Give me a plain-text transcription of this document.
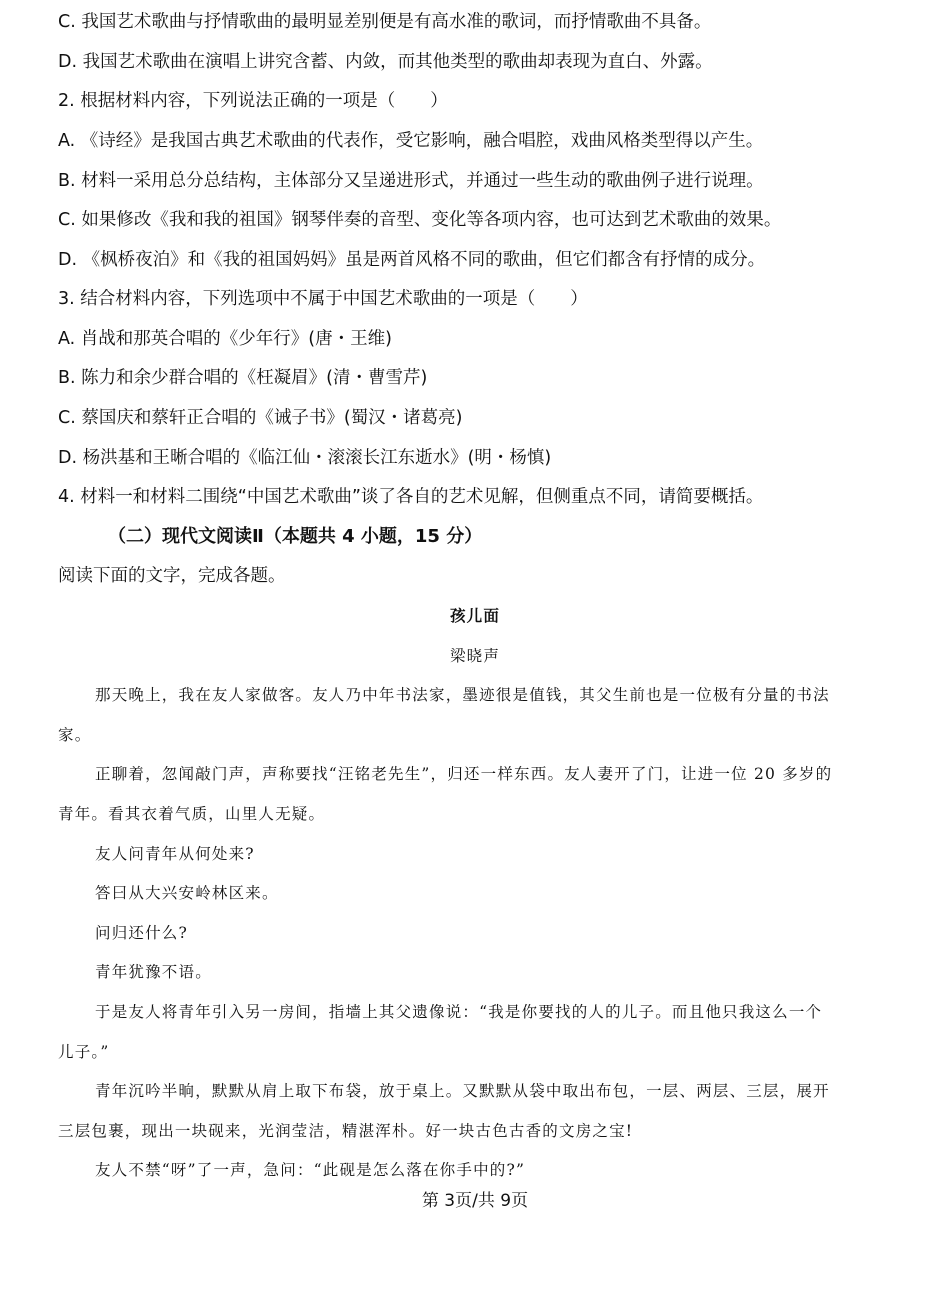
C. 我国艺术歌曲与抒情歌曲的最明显差别便是有高水准的歌词，而抒情歌曲不具备。
D. 我国艺术歌曲在演唱上讲究含蓄、内敛，而其他类型的歌曲却表现为直白、外露。
2. 根据材料内容，下列说法正确的一项是（　　）
A. 《诗经》是我国古典艺术歌曲的代表作，受它影响，融合唱腔，戏曲风格类型得以产生。
B. 材料一采用总分总结构，主体部分又呈递进形式，并通过一些生动的歌曲例子进行说理。
C. 如果修改《我和我的祖国》钢琴伴奏的音型、变化等各项内容，也可达到艺术歌曲的效果。
D. 《枫桥夜泊》和《我的祖国妈妈》虽是两首风格不同的歌曲，但它们都含有抒情的成分。
3. 结合材料内容，下列选项中不属于中国艺术歌曲的一项是（　　）
A. 肖战和那英合唱的《少年行》(唐・王维)
B. 陈力和余少群合唱的《枉凝眉》(清・曹雪芹)
C. 蔡国庆和蔡轩正合唱的《诫子书》(蜀汉・诸葛亮)
D. 杨洪基和王晰合唱的《临江仙・滚滚长江东逝水》(明・杨慎)
4. 材料一和材料二围绕“中国艺术歌曲”谈了各自的艺术见解，但侧重点不同，请简要概括。
（二）现代文阅读Ⅱ（本题共 4 小题，15 分）
阅读下面的文字，完成各题。
孩儿面
梁晓声
那天晚上，我在友人家做客。友人乃中年书法家，墨迹很是值钱，其父生前也是一位极有分量的书法
家。
正聊着，忽闻敲门声，声称要找“汪铭老先生”，归还一样东西。友人妻开了门，让进一位 20 多岁的
青年。看其衣着气质，山里人无疑。
友人问青年从何处来?
答曰从大兴安岭林区来。
问归还什么?
青年犹豫不语。
于是友人将青年引入另一房间，指墙上其父遗像说：“我是你要找的人的儿子。而且他只我这么一个
儿子。”
青年沉吟半晌，默默从肩上取下布袋，放于桌上。又默默从袋中取出布包，一层、两层、三层，展开
三层包裹，现出一块砚来，光润莹洁，精湛浑朴。好一块古色古香的文房之宝!
友人不禁“呀”了一声，急问：“此砚是怎么落在你手中的?”
第 3页/共 9页
